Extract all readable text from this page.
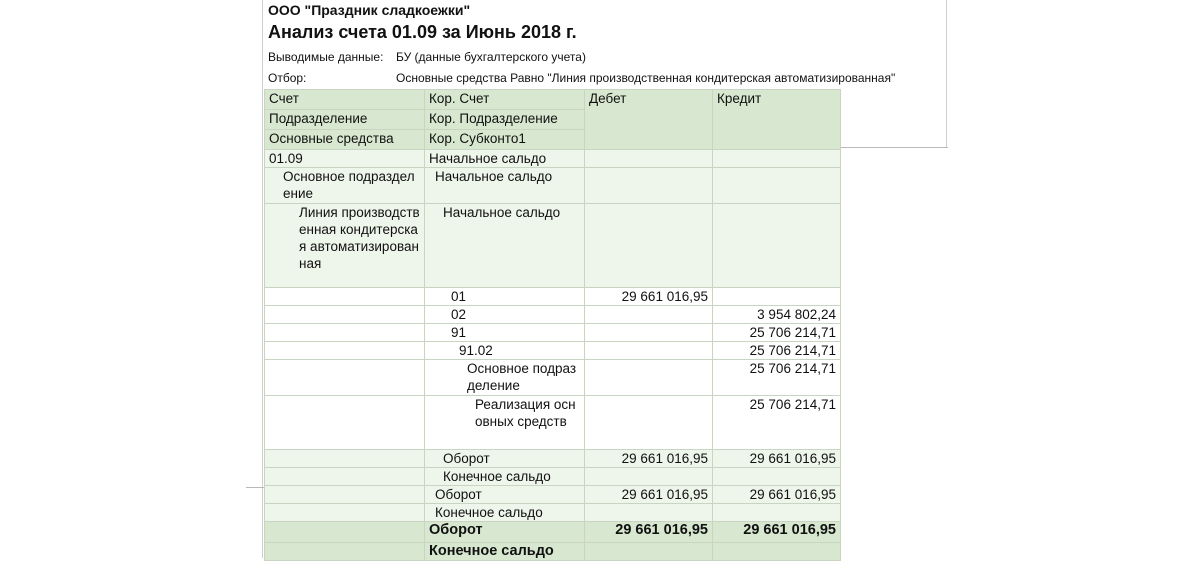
ООО "Праздник сладкоежки"
Анализ счета 01.09 за Июнь 2018 г.
Выводимые данные: БУ (данные бухгалтерского учета)
Отбор:	Основные средства Равно "Линия производственная кондитерская автоматизированная"
Счет	Кор. Счет	Дебет	Кредит
Подразделение	Кор. Подразделение		
Основные средства	Кор. Субконто1		
01.09	Начальное сальдо		
Основное подразделение	Начальное сальдо		
Линия производственная кондитерская автоматизированная	Начальное сальдо		
	01	29 661 016,95	
	02		3 954 802,24
	91		25 706 214,71
	91.02		25 706 214,71
	Основное подразделение		25 706 214,71
	Реализация основных средств		25 706 214,71
	Оборот	29 661 016,95	29 661 016,95
	Конечное сальдо		
	Оборот	29 661 016,95	29 661 016,95
	Конечное сальдо		
	Оборот	29 661 016,95	29 661 016,95
	Конечное сальдо		
